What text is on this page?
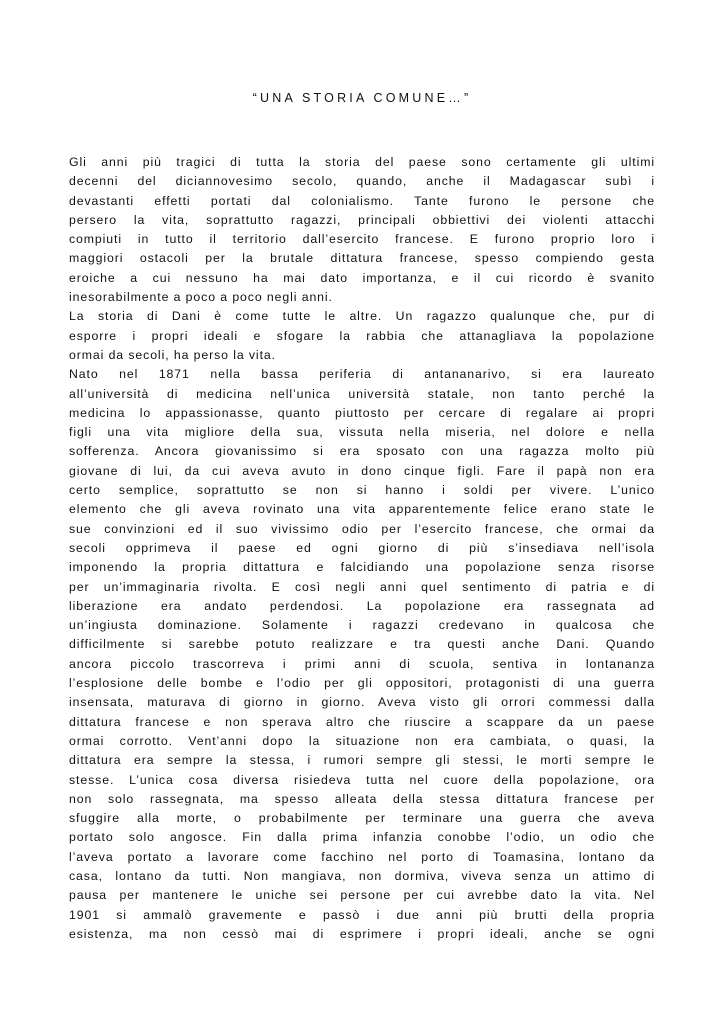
“UNA STORIA COMUNE…”
Gli anni più tragici di tutta la storia del paese sono certamente gli ultimi
decenni del diciannovesimo secolo, quando, anche il Madagascar subì i
devastanti effetti portati dal colonialismo. Tante furono le persone che
persero la vita, soprattutto ragazzi, principali obbiettivi dei violenti attacchi
compiuti in tutto il territorio dall’esercito francese. E furono proprio loro i
maggiori ostacoli per la brutale dittatura francese, spesso compiendo gesta
eroiche a cui nessuno ha mai dato importanza, e il cui ricordo è svanito
inesorabilmente a poco a poco negli anni.
La storia di Dani è come tutte le altre. Un ragazzo qualunque che, pur di
esporre i propri ideali e sfogare la rabbia che attanagliava la popolazione
ormai da secoli, ha perso la vita.
Nato nel 1871 nella bassa periferia di antananarivo, si era laureato
all’università di medicina nell’unica università statale, non tanto perché la
medicina lo appassionasse, quanto piuttosto per cercare di regalare ai propri
figli una vita migliore della sua, vissuta nella miseria, nel dolore e nella
sofferenza. Ancora giovanissimo si era sposato con una ragazza molto più
giovane di lui, da cui aveva avuto in dono cinque figli. Fare il papà non era
certo semplice, soprattutto se non si hanno i soldi per vivere. L’unico
elemento che gli aveva rovinato una vita apparentemente felice erano state le
sue convinzioni ed il suo vivissimo odio per l’esercito francese, che ormai da
secoli opprimeva il paese ed ogni giorno di più s’insediava nell’isola
imponendo la propria dittattura e falcidiando una popolazione senza risorse
per un’immaginaria rivolta. E così negli anni quel sentimento di patria e di
liberazione era andato perdendosi. La popolazione era rassegnata ad
un’ingiusta dominazione. Solamente i ragazzi credevano in qualcosa che
difficilmente si sarebbe potuto realizzare e tra questi anche Dani. Quando
ancora piccolo trascorreva i primi anni di scuola, sentiva in lontananza
l’esplosione delle bombe e l’odio per gli oppositori, protagonisti di una guerra
insensata, maturava di giorno in giorno. Aveva visto gli orrori commessi dalla
dittatura francese e non sperava altro che riuscire a scappare da un paese
ormai corrotto. Vent’anni dopo la situazione non era cambiata, o quasi, la
dittatura era sempre la stessa, i rumori sempre gli stessi, le morti sempre le
stesse. L’unica cosa diversa risiedeva tutta nel cuore della popolazione, ora
non solo rassegnata, ma spesso alleata della stessa dittatura francese per
sfuggire alla morte, o probabilmente per terminare una guerra che aveva
portato solo angosce. Fin dalla prima infanzia conobbe l’odio, un odio che
l’aveva portato a lavorare come facchino nel porto di Toamasina, lontano da
casa, lontano da tutti. Non mangiava, non dormiva, viveva senza un attimo di
pausa per mantenere le uniche sei persone per cui avrebbe dato la vita. Nel
1901 si ammalò gravemente e passò i due anni più brutti della propria
esistenza, ma non cessò mai di esprimere i propri ideali, anche se ogni
